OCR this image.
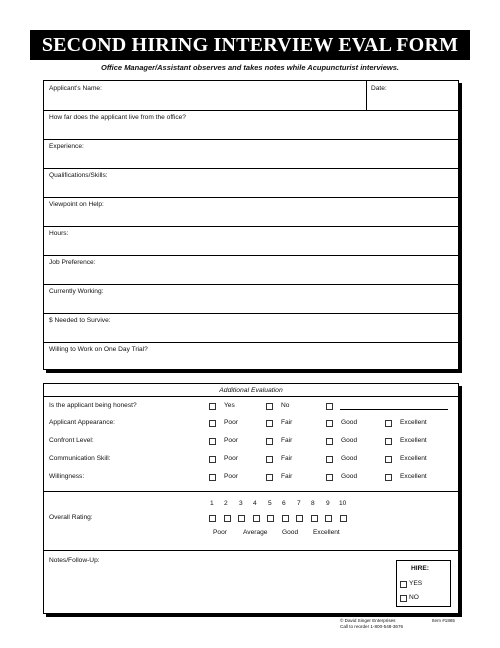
SECOND HIRING INTERVIEW EVAL FORM
Office Manager/Assistant observes and takes notes while Acupuncturist interviews.
Applicant's Name:	Date:
How far does the applicant live from the office?
Experience:
Qualifications/Skills:
Viewpoint on Help:
Hours:
Job Preference:
Currently Working:
$ Needed to Survive:
Willing to Work on One Day Trial?
Additional Evaluation
Is the applicant being honest?	Yes	No
Applicant Appearance:	Poor	Fair	Good	Excellent
Confront Level:	Poor	Fair	Good	Excellent
Communication Skill:	Poor	Fair	Good	Excellent
Willingness:	Poor	Fair	Good	Excellent
Overall Rating:
1 2 3 4 5 6 7 8 9 10
Poor Average Good Excellent
Notes/Follow-Up:
HIRE:
YES
NO
© David Singer Enterprises	Item #1865
Call to reorder 1-800-548-3676
